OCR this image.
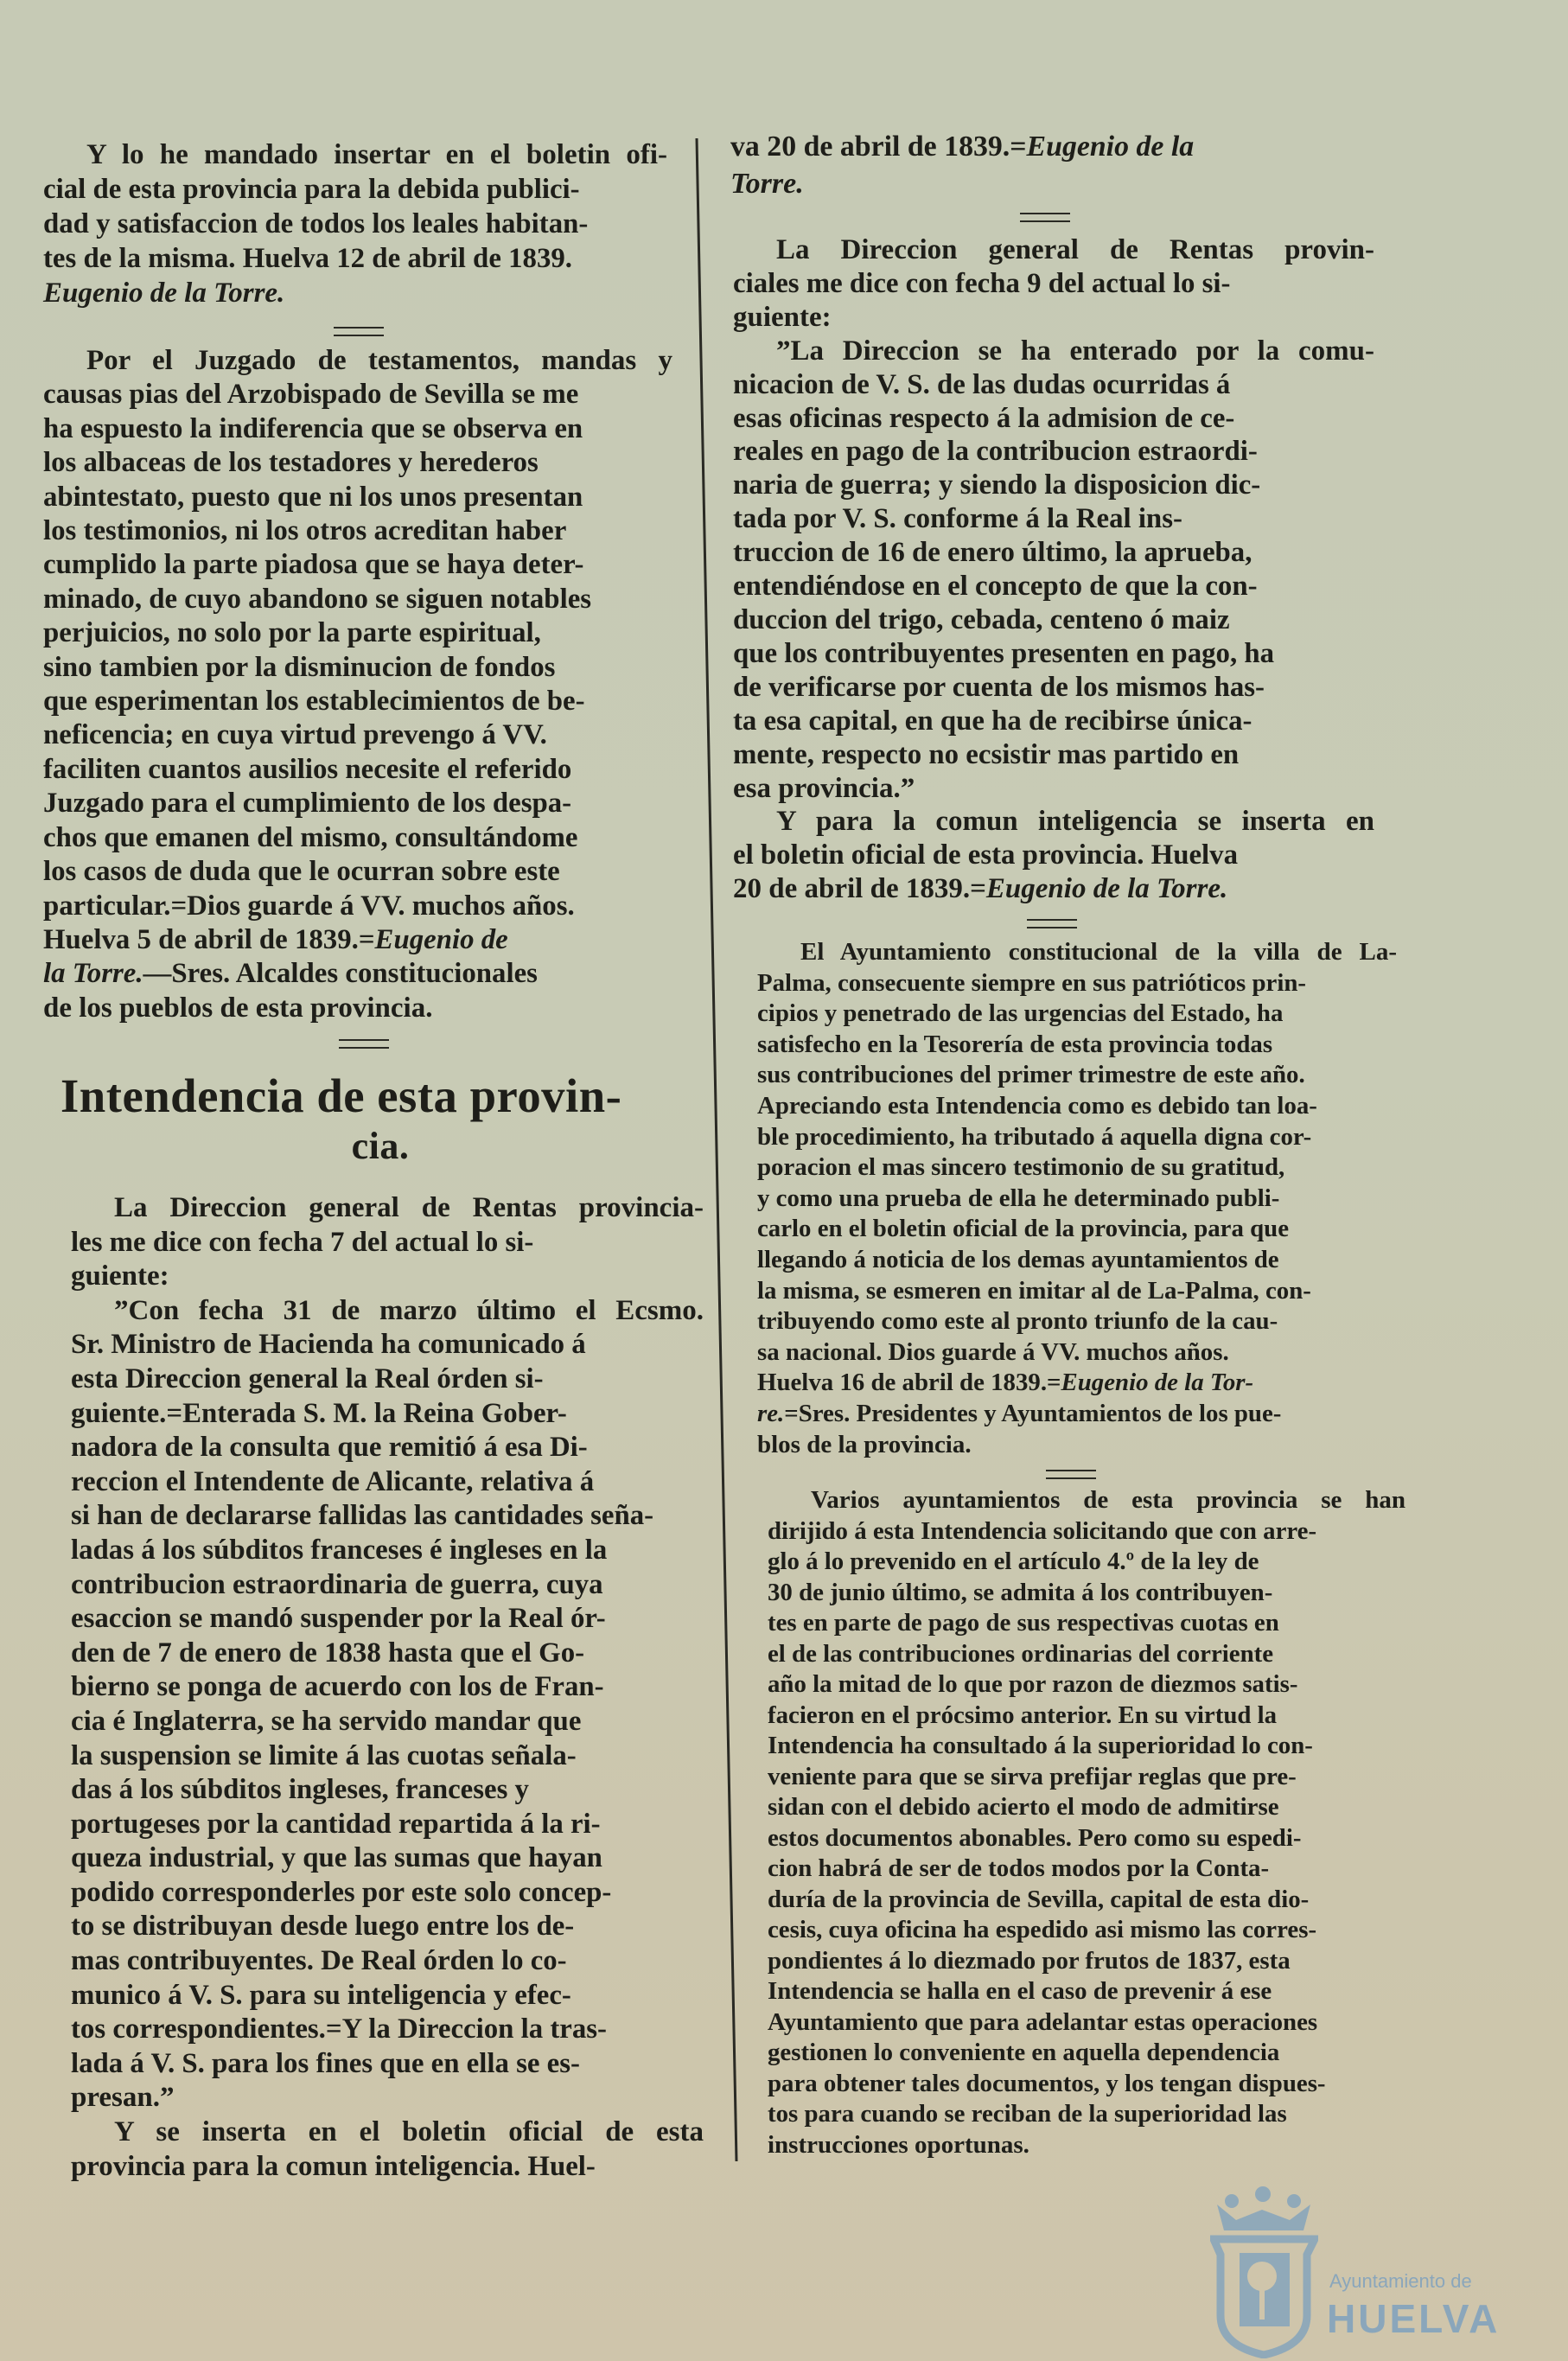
Y lo he mandado insertar en el boletin ofi-
cial de esta provincia para la debida publici-
dad y satisfaccion de todos los leales habitan-
tes de la misma. Huelva 12 de abril de 1839.
Eugenio de la Torre.
Por el Juzgado de testamentos, mandas y
causas pias del Arzobispado de Sevilla se me
ha espuesto la indiferencia que se observa en
los albaceas de los testadores y herederos
abintestato, puesto que ni los unos presentan
los testimonios, ni los otros acreditan haber
cumplido la parte piadosa que se haya deter-
minado, de cuyo abandono se siguen notables
perjuicios, no solo por la parte espiritual,
sino tambien por la disminucion de fondos
que esperimentan los establecimientos de be-
neficencia; en cuya virtud prevengo á VV.
faciliten cuantos ausilios necesite el referido
Juzgado para el cumplimiento de los despa-
chos que emanen del mismo, consultándome
los casos de duda que le ocurran sobre este
particular.=Dios guarde á VV. muchos años.
Huelva 5 de abril de 1839.=Eugenio de
la Torre.—Sres. Alcaldes constitucionales
de los pueblos de esta provincia.
Intendencia de esta provin-
cia.
La Direccion general de Rentas provincia-
les me dice con fecha 7 del actual lo si-
guiente:
”Con fecha 31 de marzo último el Ecsmo.
Sr. Ministro de Hacienda ha comunicado á
esta Direccion general la Real órden si-
guiente.=Enterada S. M. la Reina Gober-
nadora de la consulta que remitió á esa Di-
reccion el Intendente de Alicante, relativa á
si han de declararse fallidas las cantidades seña-
ladas á los súbditos franceses é ingleses en la
contribucion estraordinaria de guerra, cuya
esaccion se mandó suspender por la Real ór-
den de 7 de enero de 1838 hasta que el Go-
bierno se ponga de acuerdo con los de Fran-
cia é Inglaterra, se ha servido mandar que
la suspension se limite á las cuotas señala-
das á los súbditos ingleses, franceses y
portugeses por la cantidad repartida á la ri-
queza industrial, y que las sumas que hayan
podido corresponderles por este solo concep-
to se distribuyan desde luego entre los de-
mas contribuyentes. De Real órden lo co-
munico á V. S. para su inteligencia y efec-
tos correspondientes.=Y la Direccion la tras-
lada á V. S. para los fines que en ella se es-
presan.”
Y se inserta en el boletin oficial de esta
provincia para la comun inteligencia. Huel-
va 20 de abril de 1839.=Eugenio de la
Torre.
La Direccion general de Rentas provin-
ciales me dice con fecha 9 del actual lo si-
guiente:
”La Direccion se ha enterado por la comu-
nicacion de V. S. de las dudas ocurridas á
esas oficinas respecto á la admision de ce-
reales en pago de la contribucion estraordi-
naria de guerra; y siendo la disposicion dic-
tada por V. S. conforme á la Real ins-
truccion de 16 de enero último, la aprueba,
entendiéndose en el concepto de que la con-
duccion del trigo, cebada, centeno ó maiz
que los contribuyentes presenten en pago, ha
de verificarse por cuenta de los mismos has-
ta esa capital, en que ha de recibirse única-
mente, respecto no ecsistir mas partido en
esa provincia.”
Y para la comun inteligencia se inserta en
el boletin oficial de esta provincia. Huelva
20 de abril de 1839.=Eugenio de la Torre.
El Ayuntamiento constitucional de la villa de La-
Palma, consecuente siempre en sus patrióticos prin-
cipios y penetrado de las urgencias del Estado, ha
satisfecho en la Tesorería de esta provincia todas
sus contribuciones del primer trimestre de este año.
Apreciando esta Intendencia como es debido tan loa-
ble procedimiento, ha tributado á aquella digna cor-
poracion el mas sincero testimonio de su gratitud,
y como una prueba de ella he determinado publi-
carlo en el boletin oficial de la provincia, para que
llegando á noticia de los demas ayuntamientos de
la misma, se esmeren en imitar al de La-Palma, con-
tribuyendo como este al pronto triunfo de la cau-
sa nacional. Dios guarde á VV. muchos años.
Huelva 16 de abril de 1839.=Eugenio de la Tor-
re.=Sres. Presidentes y Ayuntamientos de los pue-
blos de la provincia.
Varios ayuntamientos de esta provincia se han
dirijido á esta Intendencia solicitando que con arre-
glo á lo prevenido en el artículo 4.º de la ley de
30 de junio último, se admita á los contribuyen-
tes en parte de pago de sus respectivas cuotas en
el de las contribuciones ordinarias del corriente
año la mitad de lo que por razon de diezmos satis-
facieron en el prócsimo anterior. En su virtud la
Intendencia ha consultado á la superioridad lo con-
veniente para que se sirva prefijar reglas que pre-
sidan con el debido acierto el modo de admitirse
estos documentos abonables. Pero como su espedi-
cion habrá de ser de todos modos por la Conta-
duría de la provincia de Sevilla, capital de esta dio-
cesis, cuya oficina ha espedido asi mismo las corres-
pondientes á lo diezmado por frutos de 1837, esta
Intendencia se halla en el caso de prevenir á ese
Ayuntamiento que para adelantar estas operaciones
gestionen lo conveniente en aquella dependencia
para obtener tales documentos, y los tengan dispues-
tos para cuando se reciban de la superioridad las
instrucciones oportunas.
Ayuntamiento de
HUELVA
